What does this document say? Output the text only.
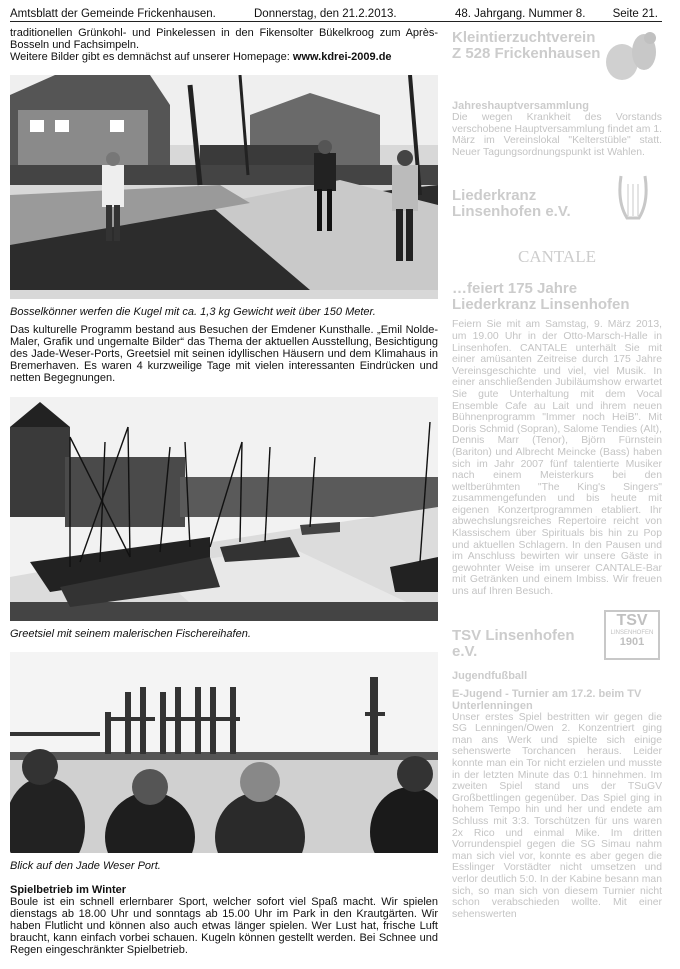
Amtsblatt der Gemeinde Frickenhausen.	Donnerstag, den 21.2.2013.	48. Jahrgang. Nummer 8. Seite 21.

traditionellen Grünkohl- und Pinkelessen in den Fikensolter Bükelkroog zum Après-Bosseln und Fachsimpeln.
Weitere Bilder gibt es demnächst auf unserer Homepage: www.kdrei-2009.de

Bosselkönner werfen die Kugel mit ca. 1,3 kg Gewicht weit über 150 Meter.

Das kulturelle Programm bestand aus Besuchen der Emdener Kunsthalle. „Emil Nolde-Maler, Grafik und ungemalte Bilder“ das Thema der aktuellen Ausstellung, Besichtigung des Jade-Weser-Ports, Greetsiel mit seinen idyllischen Häusern und dem Klimahaus in Bremerhaven. Es waren 4 kurzweilige Tage mit vielen interessanten Eindrücken und netten Begegnungen.

Greetsiel mit seinem malerischen Fischereihafen.

Blick auf den Jade Weser Port.

Spielbetrieb im Winter

Boule ist ein schnell erlernbarer Sport, welcher sofort viel Spaß macht. Wir spielen dienstags ab 18.00 Uhr und sonntags ab 15.00 Uhr im Park in den Krautgärten. Wir haben Flutlicht und können also auch etwas länger spielen. Wer Lust hat, frische Luft braucht, kann einfach vorbei schauen. Kugeln können gestellt werden. Bei Schnee und Regen eingeschränkter Spielbetrieb.

Kleintierzuchtverein Z 528 Frickenhausen

Jahreshauptversammlung

Die wegen Krankheit des Vorstands verschobene Hauptversammlung findet am 1. März im Vereinslokal "Kelterstüble" statt. Neuer Tagungsordnungspunkt ist Wahlen.

Liederkranz Linsenhofen e.V.

CANTALE

…feiert 175 Jahre Liederkranz Linsenhofen

Feiern Sie mit am Samstag, 9. März 2013, um 19.00 Uhr in der Otto-Marsch-Halle in Linsenhofen. CANTALE unterhält Sie mit einer amüsanten Zeitreise durch 175 Jahre Vereinsgeschichte und viel, viel Musik. In einer anschließenden Jubiläumshow erwartet Sie gute Unterhaltung mit dem Vocal Ensemble Cafe au Lait und ihrem neuen Bühnenprogramm "Immer noch HeiB". Mit Doris Schmid (Sopran), Salome Tendies (Alt), Dennis Marr (Tenor), Björn Fürnstein (Bariton) und Albrecht Meincke (Bass) haben sich im Jahr 2007 fünf talentierte Musiker nach einem Meisterkurs bei den weltberühmten "The King's Singers" zusammengefunden und bis heute mit eigenen Konzertprogrammen etabliert. Ihr abwechslungsreiches Repertoire reicht von Klassischem über Spirituals bis hin zu Pop und aktuellen Schlagern. In den Pausen und im Anschluss bewirten wir unsere Gäste in gewohnter Weise im unserer CANTALE-Bar mit Getränken und einem Imbiss. Wir freuen uns auf Ihren Besuch.

TSV Linsenhofen e.V.

TSV
LINSENHOFEN
1901

Jugendfußball

E-Jugend - Turnier am 17.2. beim TV Unterlenningen

Unser erstes Spiel bestritten wir gegen die SG Lenningen/Owen 2. Konzentriert ging man ans Werk und spielte sich einige sehenswerte Torchancen heraus. Leider konnte man ein Tor nicht erzielen und musste in der letzten Minute das 0:1 hinnehmen. Im zweiten Spiel stand uns der TSuGV Großbettlingen gegenüber. Das Spiel ging in hohem Tempo hin und her und endete am Schluss mit 3:3. Torschützen für uns waren 2x Rico und einmal Mike. Im dritten Vorrundenspiel gegen die SG Simau nahm man sich viel vor, konnte es aber gegen die Esslinger Vorstädter nicht umsetzen und verlor deutlich 5:0. In der Kabine besann man sich, so man sich von diesem Turnier nicht schon verabschieden wollte. Mit einer sehenswerten
